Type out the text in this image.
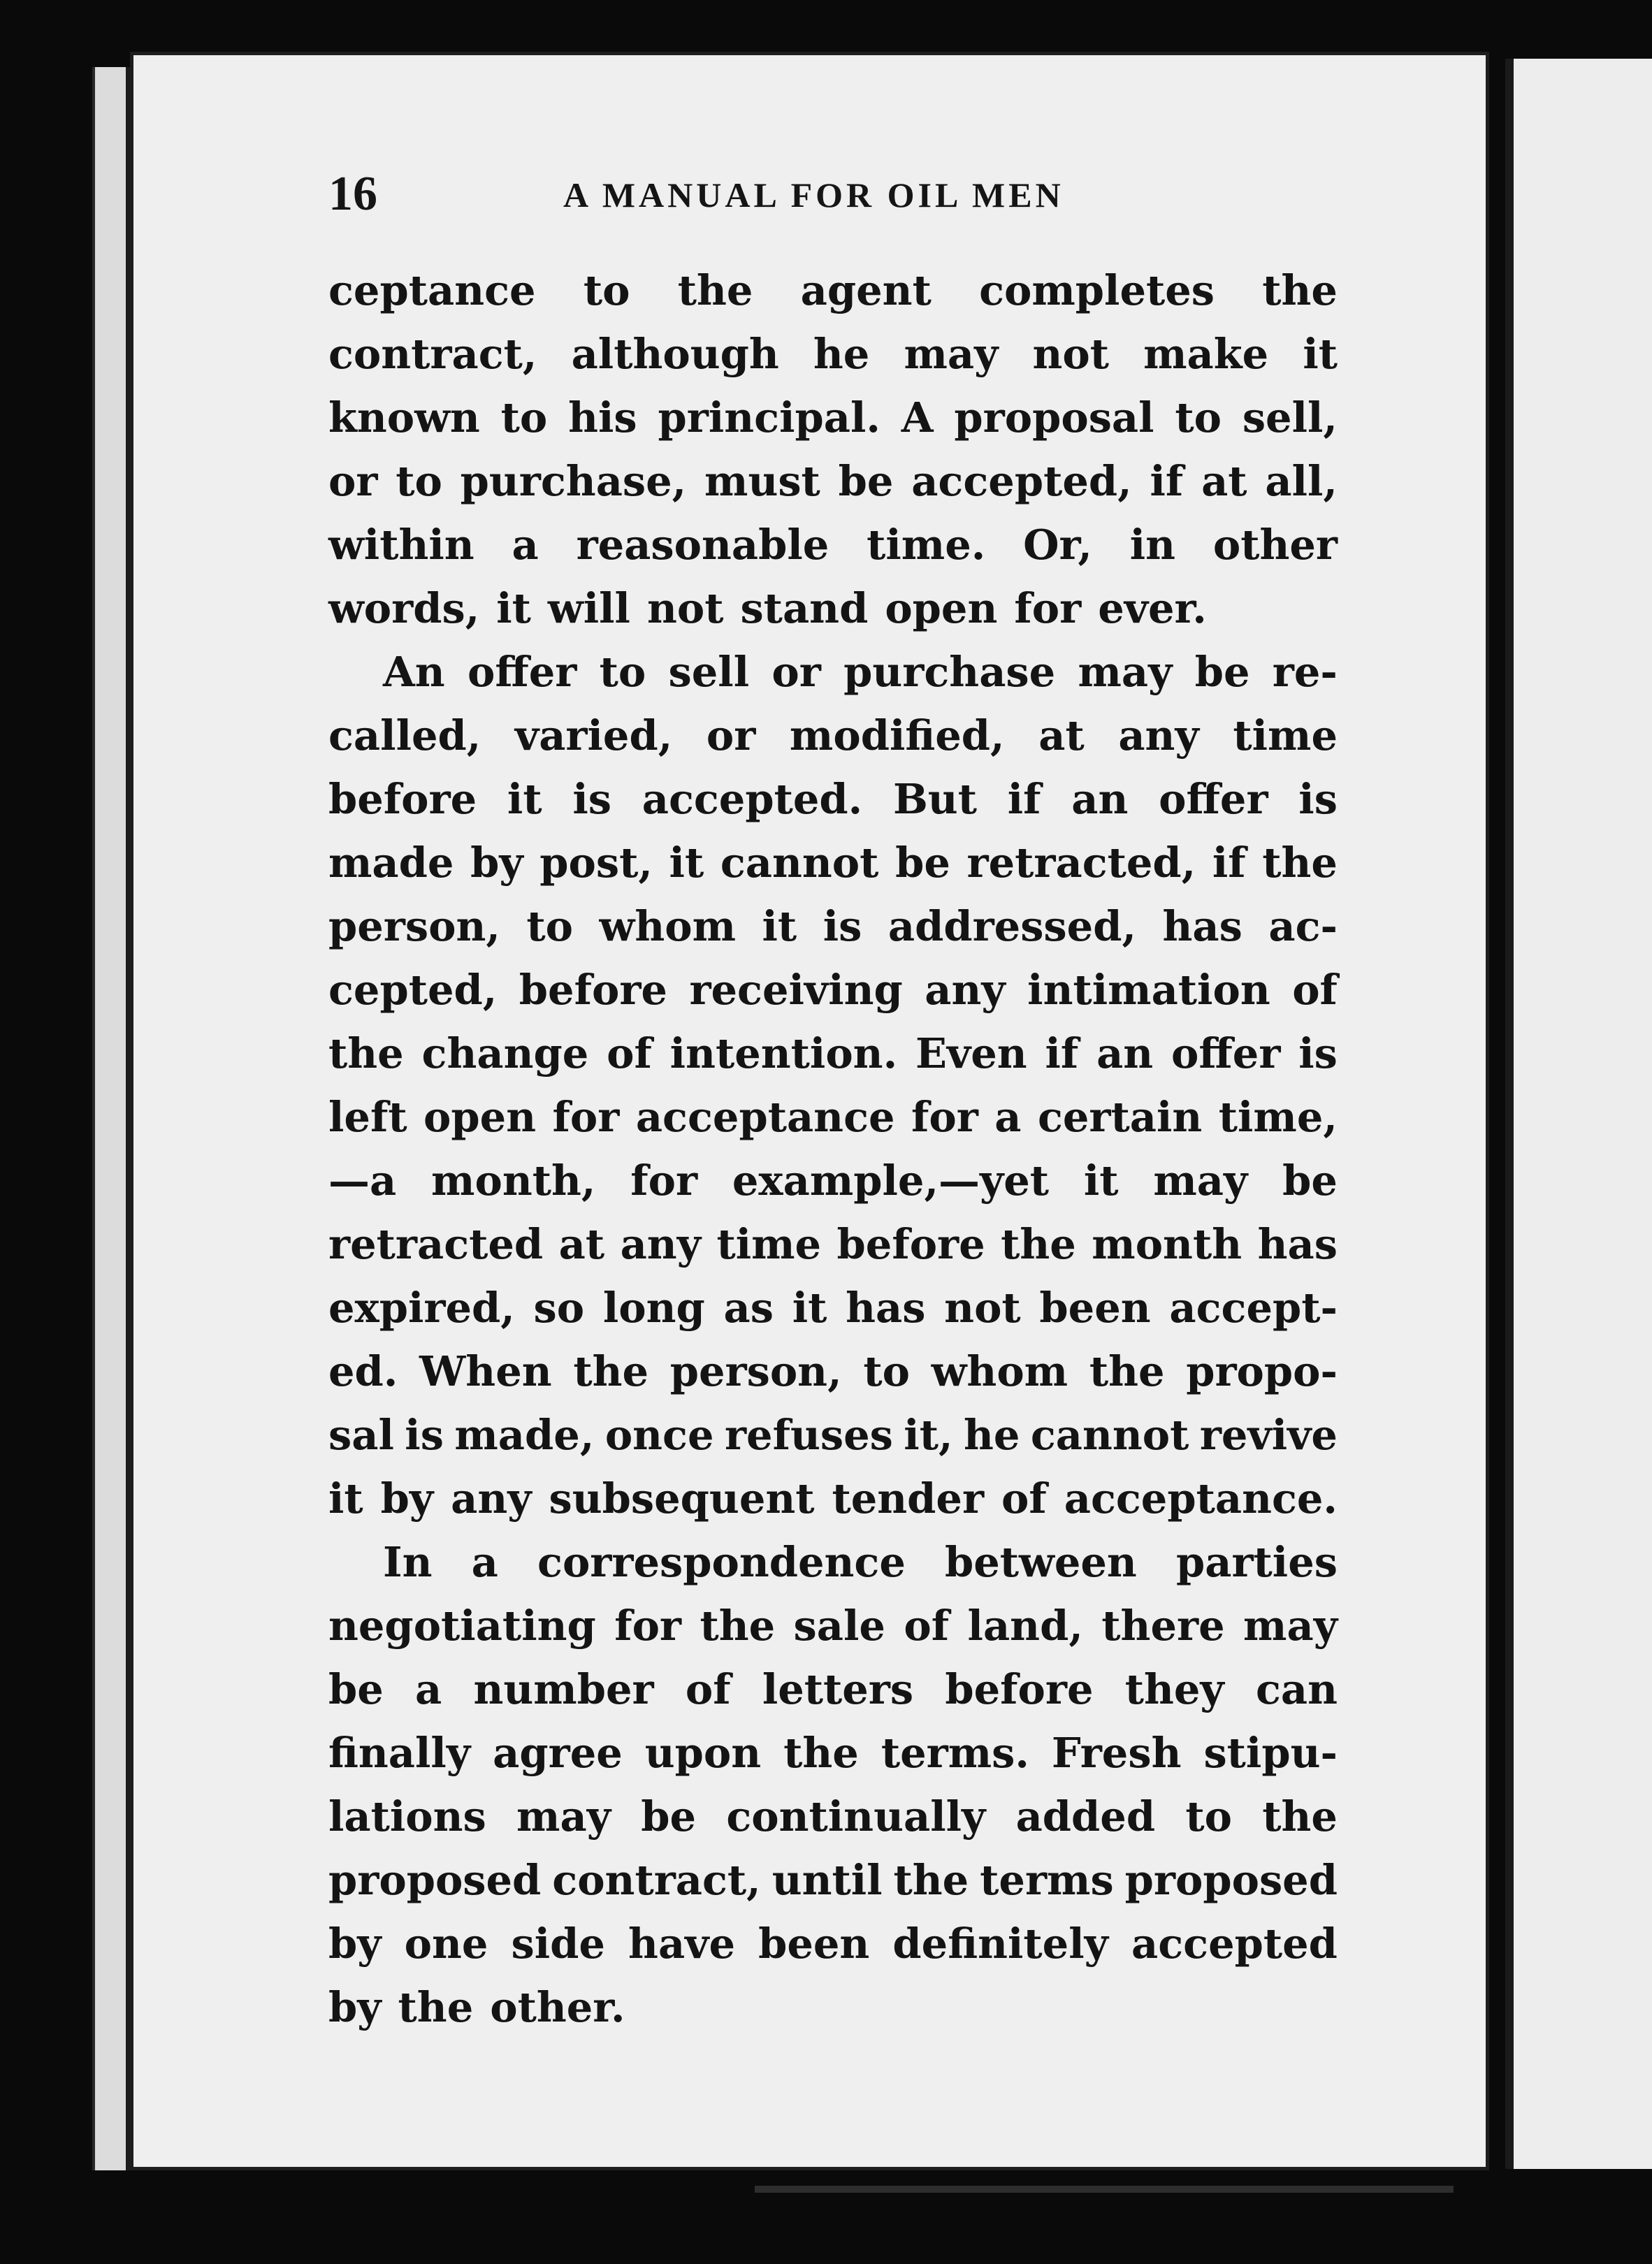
16	A MANUAL FOR OIL MEN
ceptance to the agent completes the
contract, although he may not make it
known to his principal. A proposal to sell,
or to purchase, must be accepted, if at all,
within a reasonable time. Or, in other
words, it will not stand open for ever.
An offer to sell or purchase may be re-
called, varied, or modified, at any time
before it is accepted. But if an offer is
made by post, it cannot be retracted, if the
person, to whom it is addressed, has ac-
cepted, before receiving any intimation of
the change of intention. Even if an offer is
left open for acceptance for a certain time,
—a month, for example,—yet it may be
retracted at any time before the month has
expired, so long as it has not been accept-
ed. When the person, to whom the propo-
sal is made, once refuses it, he cannot revive
it by any subsequent tender of acceptance.
In a correspondence between parties
negotiating for the sale of land, there may
be a number of letters before they can
finally agree upon the terms. Fresh stipu-
lations may be continually added to the
proposed contract, until the terms proposed
by one side have been definitely accepted
by the other.
